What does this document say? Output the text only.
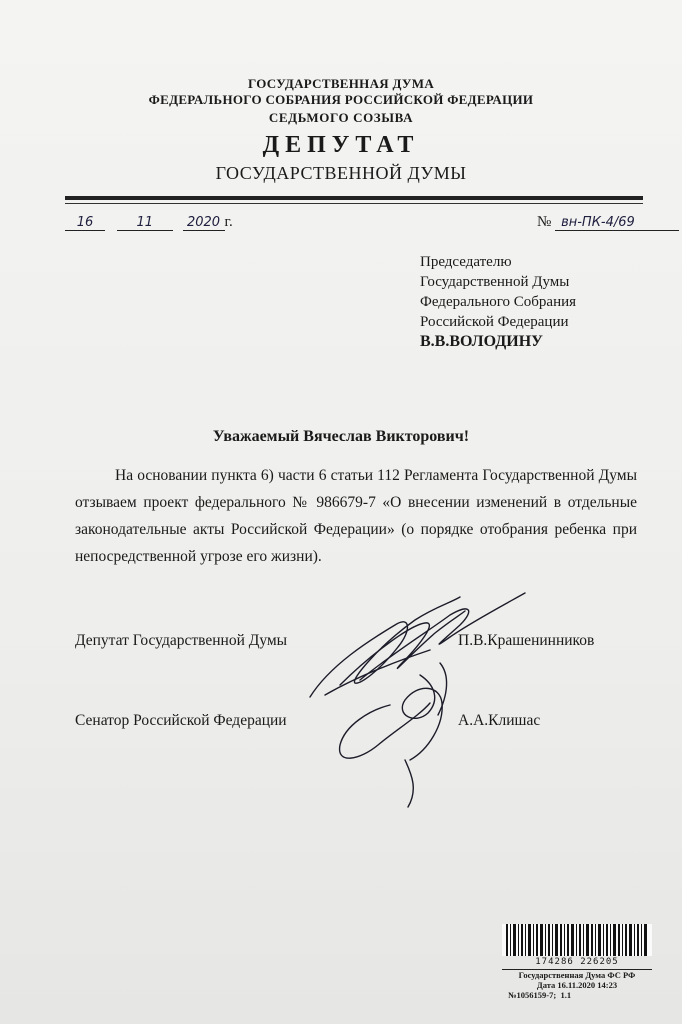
ГОСУДАРСТВЕННАЯ ДУМА
ФЕДЕРАЛЬНОГО СОБРАНИЯ РОССИЙСКОЙ ФЕДЕРАЦИИ
СЕДЬМОГО СОЗЫВА
ДЕПУТАТ
ГОСУДАРСТВЕННОЙ ДУМЫ
16	11	2020 г.	№ вн-ПК-4/69
Председателю
Государственной Думы
Федерального Собрания
Российской Федерации
В.В.ВОЛОДИНУ
Уважаемый Вячеслав Викторович!
На основании пункта 6) части 6 статьи 112 Регламента Государственной Думы отзываем проект федерального № 986679-7 «О внесении изменений в отдельные законодательные акты Российской Федерации» (о порядке отобрания ребенка при непосредственной угрозе его жизни).
Депутат Государственной Думы	П.В.Крашенинников
Сенатор Российской Федерации	А.А.Клишас
174286 226205
Государственная Дума ФС РФ
Дата 16.11.2020 14:23
№1056159-7; 1.1
